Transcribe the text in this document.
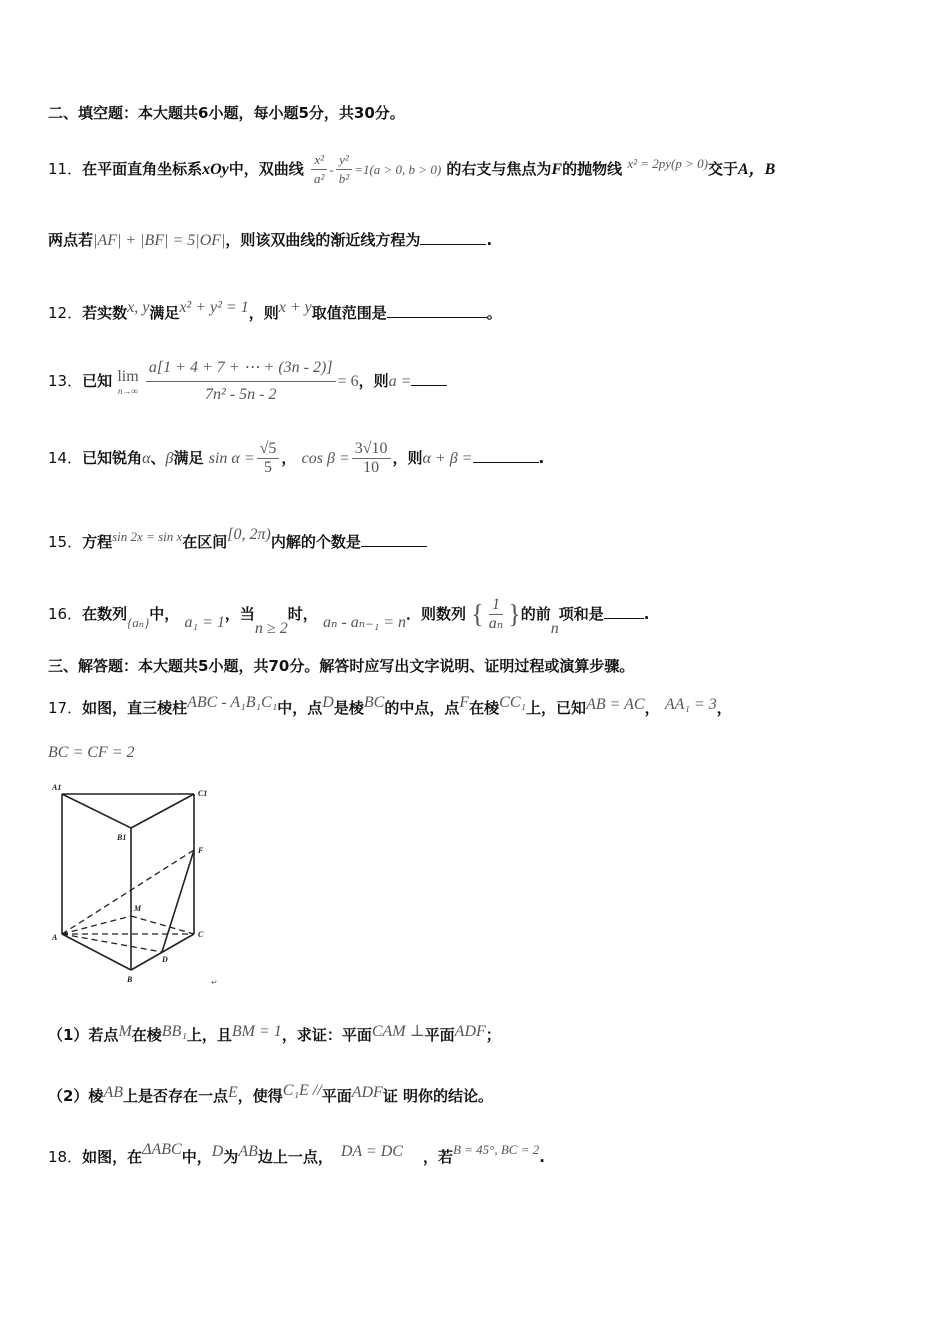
二、填空题：本大题共6小题，每小题5分，共30分。
11．在平面直角坐标系xOy中，双曲线 $\frac{\text{x²}}{\text{a²}} - \frac{\text{y²}}{\text{b²}} =1(a > 0$, b > 0) 的右支与焦点为F的抛物线 x² = 2py(p > 0)交于A，B
两点若|AF| + |BF| = 5|OF|，则该双曲线的渐近线方程为	.
12．若实数x, y满足x² + y² = 1，则x + y取值范围是	。
13．已知 lim
n→∞
$\frac{a[1 + 4 + 7 + \cdots + (3n - 2)]}{\text{7n² - 5n - 2}} = 6$，则a =
14．已知锐角α、β满足 $\sin \alpha = \frac{√5}{5}$ ， $\cos \beta = \frac{3√10}{10}$ ，则α + β =	.
15．方程sin 2x = sin x在区间[0, 2π)内解的个数是
16．在数列{aₙ}中， a₁ = 1，当n ≥ 2时， aₙ - aₙ₋₁ = n．则数列 { $\frac{1}{\text{aₙ}}$ }的前n项和是	.
三、解答题：本大题共5小题，共70分。解答时应写出文字说明、证明过程或演算步骤。
17．如图，直三棱柱ABC - A₁B₁C₁中，点D是棱BC的中点，点F在棱CC₁上，已知AB = AC， AA₁ = 3，
BC = CF = 2
A1
C1
B1
F
M
A	C
D
B	↵
（1）若点M在棱BB₁上，且BM = 1，求证：平面CAM ⊥平面ADF；
（2）棱AB上是否存在一点E，使得C₁E //平面ADF证 明你的结论。
18．如图，在ΔABC中，D为AB边上一点， DA = DC ，若B = 45°, BC = 2.
